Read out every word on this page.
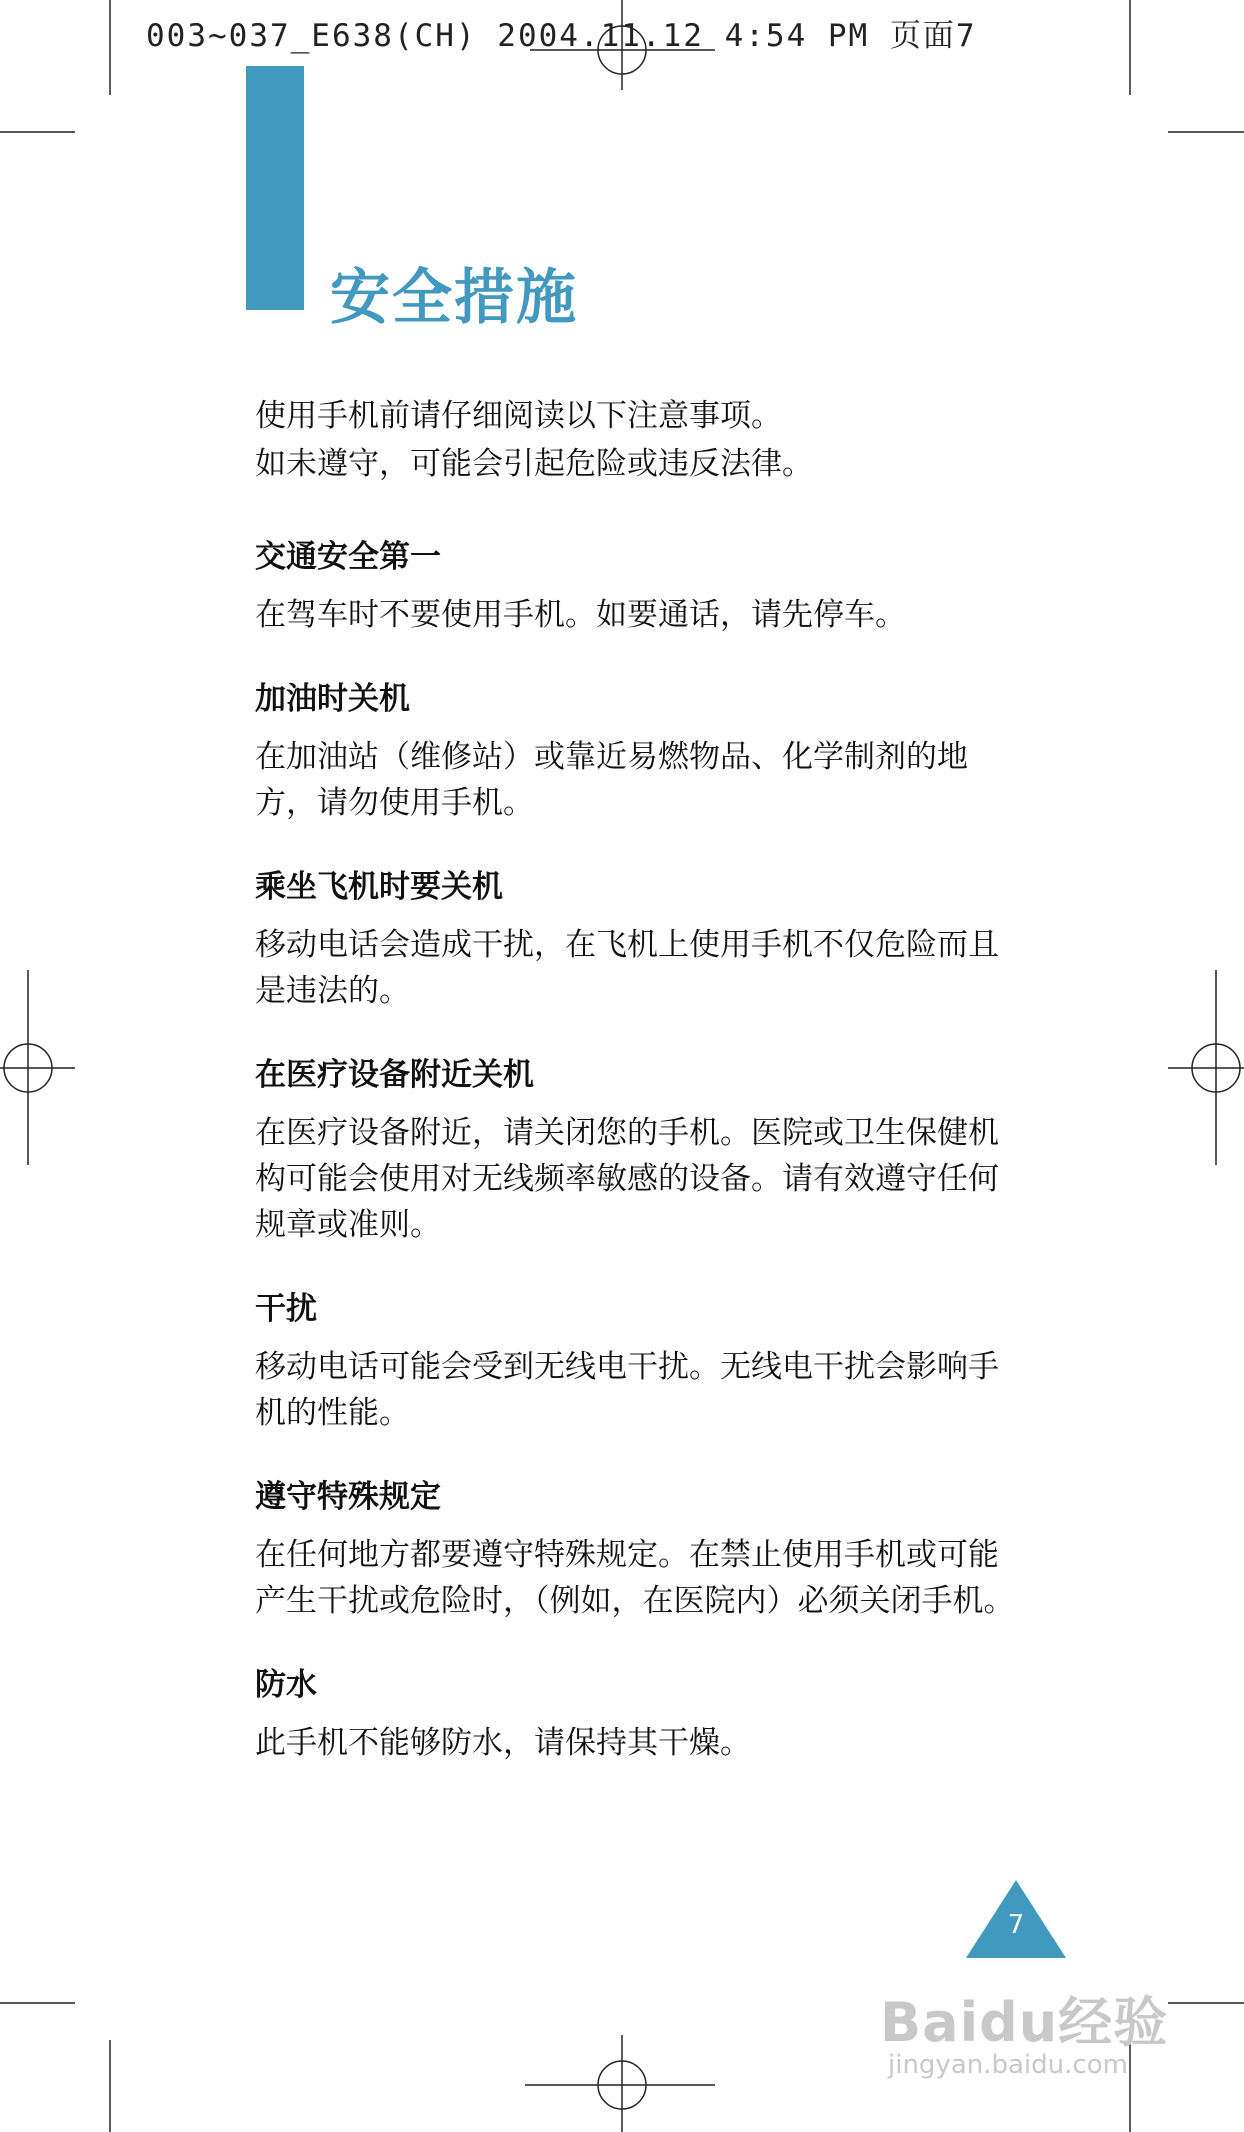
003~037_E638(CH) 2004.11.12 4:54 PM 页面7
安全措施

使用手机前请仔细阅读以下注意事项。

如未遵守，可能会引起危险或违反法律。

交通安全第一

在驾车时不要使用手机。如要通话，请先停车。

加油时关机

在加油站（维修站）或靠近易燃物品、化学制剂的地方，请勿使用手机。

乘坐飞机时要关机

移动电话会造成干扰，在飞机上使用手机不仅危险而且是违法的。

在医疗设备附近关机

在医疗设备附近，请关闭您的手机。医院或卫生保健机构可能会使用对无线频率敏感的设备。请有效遵守任何规章或准则。

干扰

移动电话可能会受到无线电干扰。无线电干扰会影响手机的性能。

遵守特殊规定

在任何地方都要遵守特殊规定。在禁止使用手机或可能产生干扰或危险时，（例如，在医院内）必须关闭手机。

防水

此手机不能够防水，请保持其干燥。

7
Baidu经验
jingyan.baidu.com
